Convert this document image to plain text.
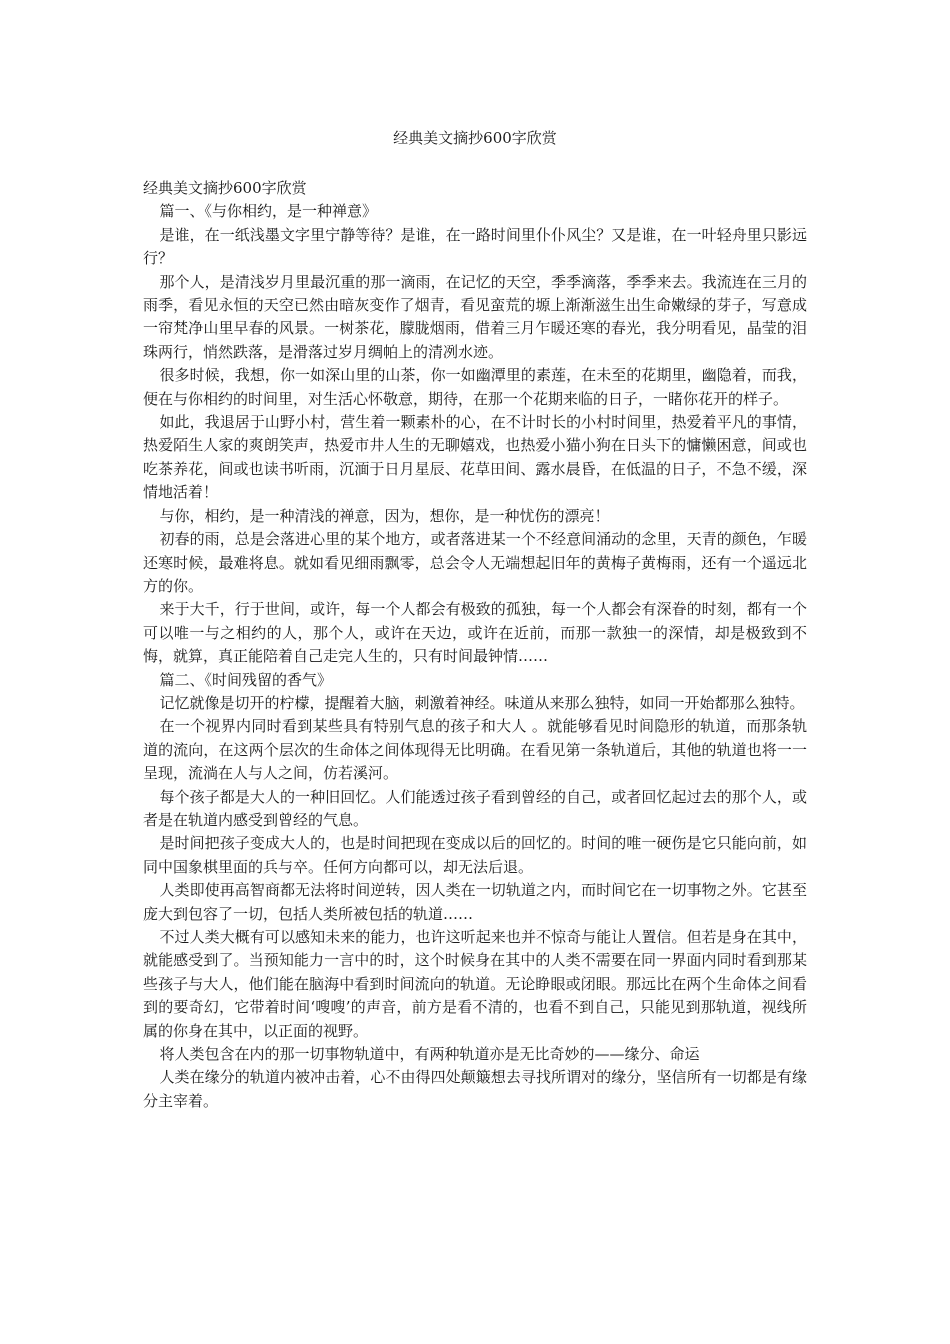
经典美文摘抄600字欣赏

经典美文摘抄600字欣赏

篇一、《与你相约，是一种禅意》

是谁，在一纸浅墨文字里宁静等待？是谁，在一路时间里仆仆风尘？又是谁，在一叶轻舟里只影远行？

那个人，是清浅岁月里最沉重的那一滴雨，在记忆的天空，季季滴落，季季来去。我流连在三月的雨季，看见永恒的天空已然由暗灰变作了烟青，看见蛮荒的塬上渐渐滋生出生命嫩绿的芽子，写意成一帘梵净山里早春的风景。一树茶花，朦胧烟雨，借着三月乍暖还寒的春光，我分明看见，晶莹的泪珠两行，悄然跌落，是滑落过岁月绸帕上的清冽水迹。

很多时候，我想，你一如深山里的山茶，你一如幽潭里的素莲，在未至的花期里，幽隐着，而我，便在与你相约的时间里，对生活心怀敬意，期待，在那一个花期来临的日子，一睹你花开的样子。

如此，我退居于山野小村，营生着一颗素朴的心，在不计时长的小村时间里，热爱着平凡的事情，热爱陌生人家的爽朗笑声，热爱市井人生的无聊嬉戏，也热爱小猫小狗在日头下的慵懒困意，间或也吃茶养花，间或也读书听雨，沉湎于日月星辰、花草田间、露水晨昏，在低温的日子，不急不缓，深情地活着！

与你，相约，是一种清浅的禅意，因为，想你，是一种忧伤的漂亮！

初春的雨，总是会落进心里的某个地方，或者落进某一个不经意间涌动的念里，天青的颜色，乍暖还寒时候，最难将息。就如看见细雨飘零，总会令人无端想起旧年的黄梅子黄梅雨，还有一个遥远北方的你。

来于大千，行于世间，或许，每一个人都会有极致的孤独，每一个人都会有深眷的时刻，都有一个可以唯一与之相约的人，那个人，或许在天边，或许在近前，而那一款独一的深情，却是极致到不悔，就算，真正能陪着自己走完人生的，只有时间最钟情……

篇二、《时间残留的香气》

记忆就像是切开的柠檬，提醒着大脑，刺激着神经。味道从来那么独特，如同一开始都那么独特。

在一个视界内同时看到某些具有特别气息的孩子和大人 。就能够看见时间隐形的轨道，而那条轨道的流向，在这两个层次的生命体之间体现得无比明确。在看见第一条轨道后，其他的轨道也将一一呈现，流淌在人与人之间，仿若溪河。

每个孩子都是大人的一种旧回忆。人们能透过孩子看到曾经的自己，或者回忆起过去的那个人，或者是在轨道内感受到曾经的气息。

是时间把孩子变成大人的，也是时间把现在变成以后的回忆的。时间的唯一硬伤是它只能向前，如同中国象棋里面的兵与卒。任何方向都可以，却无法后退。

人类即使再高智商都无法将时间逆转，因人类在一切轨道之内，而时间它在一切事物之外。它甚至庞大到包容了一切，包括人类所被包括的轨道……

不过人类大概有可以感知未来的能力，也许这听起来也并不惊奇与能让人置信。但若是身在其中，就能感受到了。当预知能力一言中的时，这个时候身在其中的人类不需要在同一界面内同时看到那某些孩子与大人，他们能在脑海中看到时间流向的轨道。无论睁眼或闭眼。那远比在两个生命体之间看到的要奇幻，它带着时间‘嗖嗖’的声音，前方是看不清的，也看不到自己，只能见到那轨道，视线所属的你身在其中，以正面的视野。

将人类包含在内的那一切事物轨道中，有两种轨道亦是无比奇妙的——缘分、命运

人类在缘分的轨道内被冲击着，心不由得四处颠簸想去寻找所谓对的缘分，坚信所有一切都是有缘分主宰着。
